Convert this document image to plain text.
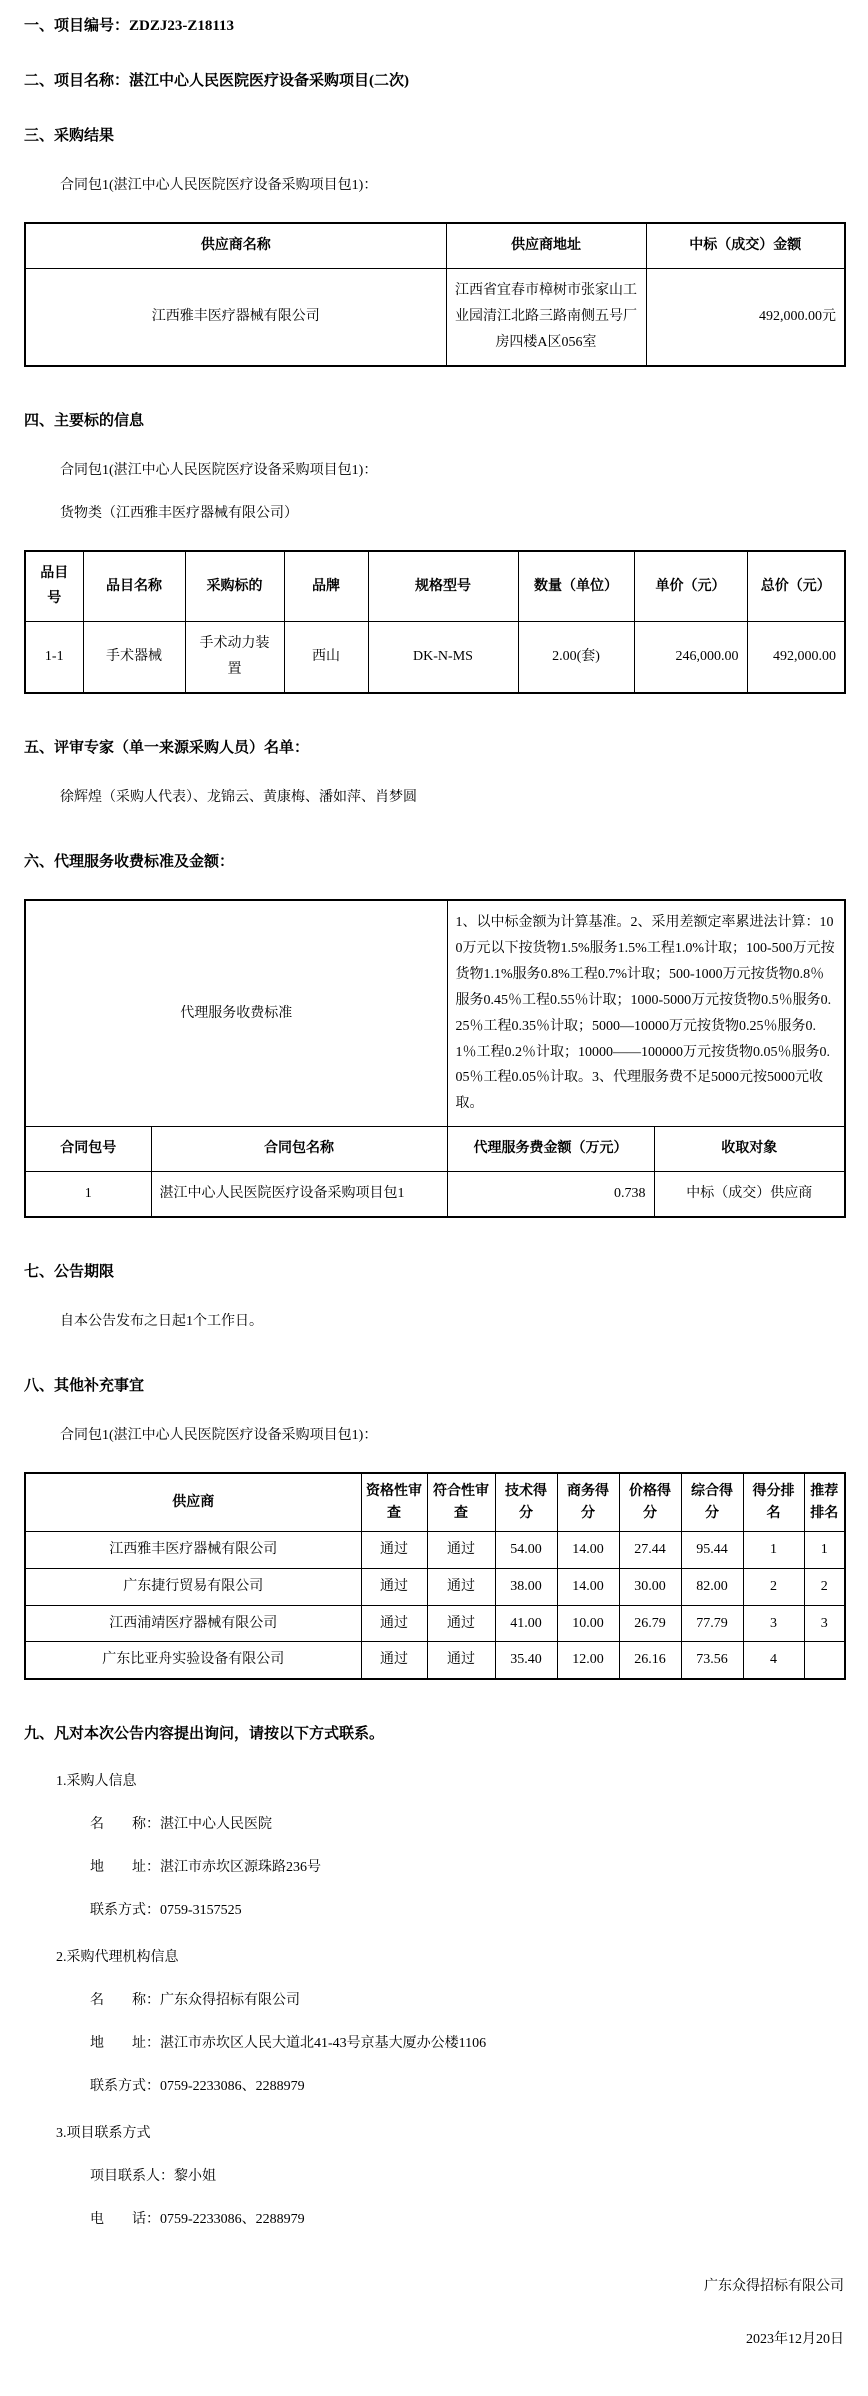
一、项目编号：ZDZJ23-Z18113
二、项目名称：湛江中心人民医院医疗设备采购项目(二次)
三、采购结果
合同包1(湛江中心人民医院医疗设备采购项目包1)：
供应商名称	供应商地址	中标（成交）金额
江西雅丰医疗器械有限公司	江西省宜春市樟树市张家山工业园清江北路三路南侧五号厂房四楼A区056室	492,000.00元
四、主要标的信息
合同包1(湛江中心人民医院医疗设备采购项目包1)：
货物类（江西雅丰医疗器械有限公司）
品目号	品目名称	采购标的	品牌	规格型号	数量（单位）	单价（元）	总价（元）
1-1	手术器械	手术动力装置	西山	DK-N-MS	2.00(套)	246,000.00	492,000.00
五、评审专家（单一来源采购人员）名单：
徐辉煌（采购人代表）、龙锦云、黄康梅、潘如萍、肖梦圆
六、代理服务收费标准及金额：
代理服务收费标准		1、以中标金额为计算基准。2、采用差额定率累进法计算：100万元以下按货物1.5%服务1.5%工程1.0%计取；100-500万元按货物1.1%服务0.8%工程0.7%计取；500-1000万元按货物0.8％服务0.45％工程0.55％计取；1000-5000万元按货物0.5％服务0.25％工程0.35％计取；5000—10000万元按货物0.25％服务0.1％工程0.2％计取；10000——100000万元按货物0.05％服务0.05％工程0.05％计取。3、代理服务费不足5000元按5000元收取。	
合同包号	合同包名称	代理服务费金额（万元）	收取对象
1	湛江中心人民医院医疗设备采购项目包1	0.738	中标（成交）供应商
七、公告期限
自本公告发布之日起1个工作日。
八、其他补充事宜
合同包1(湛江中心人民医院医疗设备采购项目包1)：
供应商	资格性审查	符合性审查	技术得分	商务得分	价格得分	综合得分	得分排名	推荐排名
江西雅丰医疗器械有限公司	通过	通过	54.00	14.00	27.44	95.44	1	1
广东捷行贸易有限公司	通过	通过	38.00	14.00	30.00	82.00	2	2
江西浦靖医疗器械有限公司	通过	通过	41.00	10.00	26.79	77.79	3	3
广东比亚舟实验设备有限公司	通过	通过	35.40	12.00	26.16	73.56	4	
九、凡对本次公告内容提出询问，请按以下方式联系。
1.采购人信息
名　　称：湛江中心人民医院
地　　址：湛江市赤坎区源珠路236号
联系方式：0759-3157525
2.采购代理机构信息
名　　称：广东众得招标有限公司
地　　址：湛江市赤坎区人民大道北41-43号京基大厦办公楼1106
联系方式：0759-2233086、2288979
3.项目联系方式
项目联系人：黎小姐
电　　话：0759-2233086、2288979
广东众得招标有限公司
2023年12月20日
